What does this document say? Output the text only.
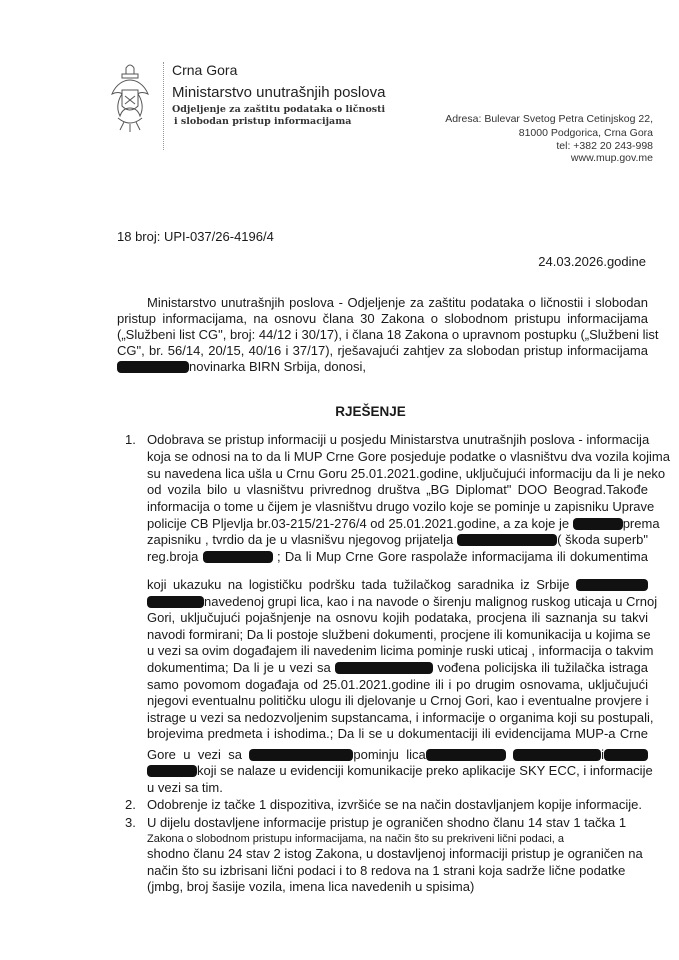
Crna Gora
Ministarstvo unutrašnjih poslova
Odjeljenje za zaštitu podataka o ličnosti
i slobodan pristup informacijama	Adresa: Bulevar Svetog Petra Cetinjskog 22,
81000 Podgorica, Crna Gora
tel: +382 20 243-998
www.mup.gov.me
18 broj: UPI-037/26-4196/4
24.03.2026.godine
Ministarstvo unutrašnjih poslova - Odjeljenje za zaštitu podataka o ličnostii i slobodan
pristup informacijama, na osnovu člana 30 Zakona o slobodnom pristupu informacijama
(„Službeni list CG", broj: 44/12 i 30/17), i člana 18 Zakona o upravnom postupku („Službeni list
CG", br. 56/14, 20/15, 40/16 i 37/17), rješavajući zahtjev za slobodan pristup informacijama
novinarka BIRN Srbija, donosi,
RJEŠENJE
1. Odobrava se pristup informaciji u posjedu Ministarstva unutrašnjih poslova - informacija
koja se odnosi na to da li MUP Crne Gore posjeduje podatke o vlasništvu dva vozila kojima
su navedena lica ušla u Crnu Goru 25.01.2021.godine, uključujući informaciju da li je neko
od vozila bilo u vlasništvu privrednog društva „BG Diplomat" DOO Beograd.Takođe
informacija o tome u čijem je vlasništvu drugo vozilo koje se pominje u zapisniku Uprave
policije CB Pljevlja br.03-215/21-276/4 od 25.01.2021.godine, a za koje je	prema
zapisniku , tvrdio da je u vlasnišvu njegovog prijatelja	( škoda superb"
reg.broja	; Da li Mup Crne Gore raspolaže informacijama ili dokumentima
koji ukazuku na logističku podršku tada tužilačkog saradnika iz Srbije
navedenoj grupi lica, kao i na navode o širenju malignog ruskog uticaja u Crnoj
Gori, uključujući pojašnjenje na osnovu kojih podataka, procjena ili saznanja su takvi
navodi formirani; Da li postoje službeni dokumenti, procjene ili komunikacija u kojima se
u vezi sa ovim događajem ili navedenim licima pominje ruski uticaj , informacija o takvim
dokumentima; Da li je u vezi sa	vođena policijska ili tužilačka istraga
samo povomom događaja od 25.01.2021.godine ili i po drugim osnovama, uključujući
njegovi eventualnu političku ulogu ili djelovanje u Crnoj Gori, kao i eventualne provjere i
istrage u vezi sa nedozvoljenim supstancama, i informacije o organima koji su postupali,
brojevima predmeta i ishodima.; Da li se u dokumentaciji ili evidencijama MUP-a Crne
Gore u vezi sa	pominju lica	i
koji se nalaze u evidenciji komunikacije preko aplikacije SKY ECC, i informacije
u vezi sa tim.
2. Odobrenje iz tačke 1 dispozitiva, izvršiće se na način dostavljanjem kopije informacije.
3. U dijelu dostavljene informacije pristup je ograničen shodno članu 14 stav 1 tačka 1
Zakona o slobodnom pristupu informacijama, na način što su prekriveni lični podaci, a
shodno članu 24 stav 2 istog Zakona, u dostavljenoj informaciji pristup je ograničen na
način što su izbrisani lični podaci i to 8 redova na 1 strani koja sadrže lične podatke
(jmbg, broj šasije vozila, imena lica navedenih u spisima)
